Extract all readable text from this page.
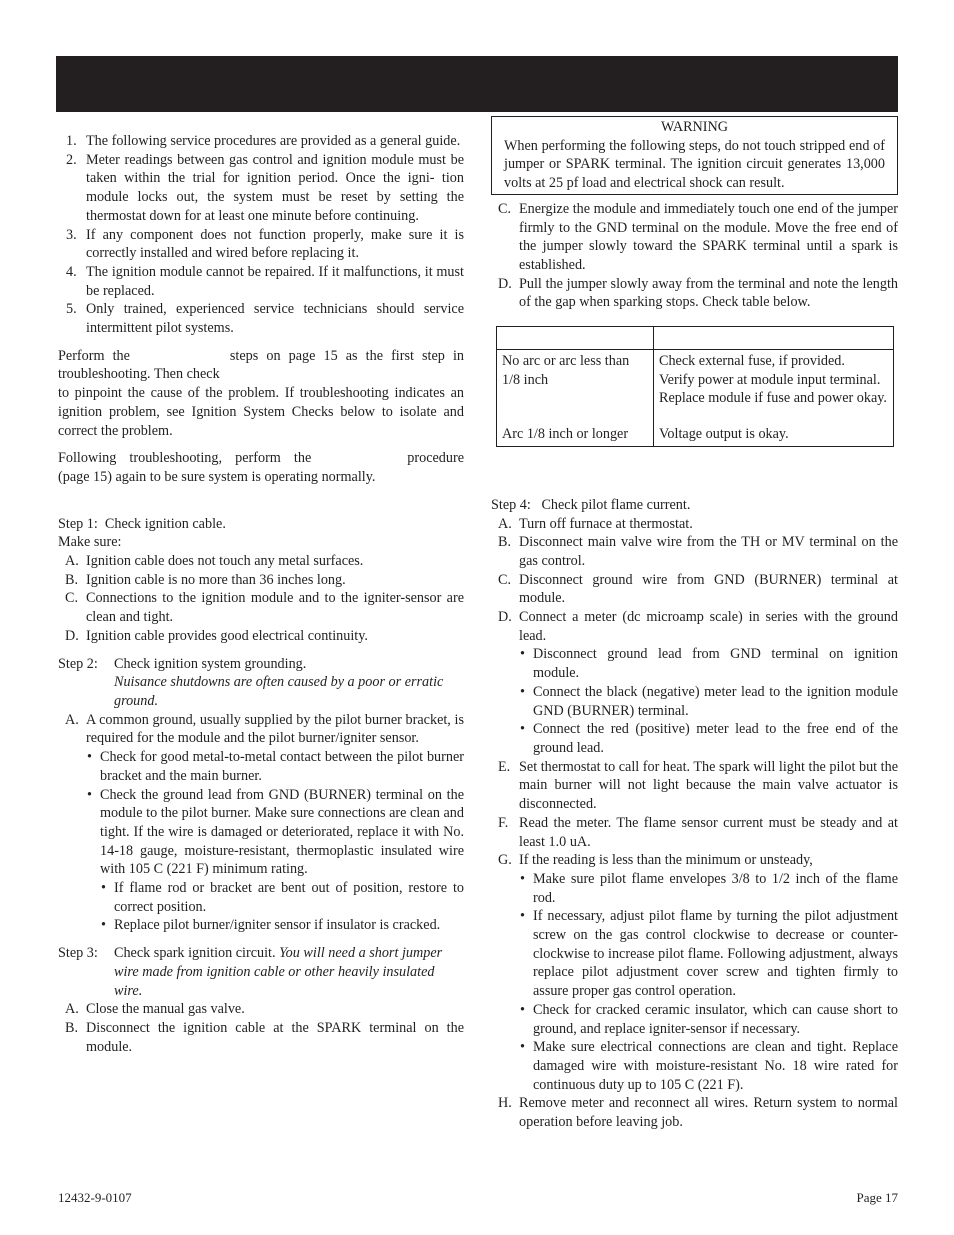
1. The following service procedures are provided as a general guide.
2. Meter readings between gas control and ignition module must be taken within the trial for ignition period. Once the igni- tion module locks out, the system must be reset by setting the thermostat down for at least one minute before continuing.
3. If any component does not function properly, make sure it is correctly installed and wired before replacing it.
4. The ignition module cannot be repaired. If it malfunctions, it must be replaced.
5. Only trained, experienced service technicians should service intermittent pilot systems.

Perform the	steps on page 15 as the first step in troubleshooting. Then check
to pinpoint the cause of the problem. If troubleshooting indicates an ignition problem, see Ignition System Checks below to isolate and correct the problem.

Following troubleshooting, perform the	procedure (page 15) again to be sure system is operating normally.

Step 1: Check ignition cable.
Make sure:
A. Ignition cable does not touch any metal surfaces.
B. Ignition cable is no more than 36 inches long.
C. Connections to the ignition module and to the igniter-sensor are clean and tight.
D. Ignition cable provides good electrical continuity.
Step 2: Check ignition system grounding.
Nuisance shutdowns are often caused by a poor or erratic ground.
A. A common ground, usually supplied by the pilot burner bracket, is required for the module and the pilot burner/igniter sensor.
• Check for good metal-to-metal contact between the pilot burner bracket and the main burner.
• Check the ground lead from GND (BURNER) terminal on the module to the pilot burner. Make sure connections are clean and tight. If the wire is damaged or deteriorated, replace it with No. 14-18 gauge, moisture-resistant, thermoplastic insulated wire with 105 C (221 F) minimum rating.
• If flame rod or bracket are bent out of position, restore to correct position.
• Replace pilot burner/igniter sensor if insulator is cracked.
Step 3: Check spark ignition circuit. You will need a short jumper wire made from ignition cable or other heavily insulated wire.
A. Close the manual gas valve.
B. Disconnect the ignition cable at the SPARK terminal on the module.
WARNING
When performing the following steps, do not touch stripped end of jumper or SPARK terminal. The ignition circuit generates 13,000 volts at 25 pf load and electrical shock can result.
C. Energize the module and immediately touch one end of the jumper firmly to the GND terminal on the module. Move the free end of the jumper slowly toward the SPARK terminal until a spark is established.
D. Pull the jumper slowly away from the terminal and note the length of the gap when sparking stops. Check table below.

No arc or arc less than 1/8 inch	Check external fuse, if provided.
Verify power at module input terminal.
Replace module if fuse and power okay.

Arc 1/8 inch or longer	Voltage output is okay.
Step 4: Check pilot flame current.
A. Turn off furnace at thermostat.
B. Disconnect main valve wire from the TH or MV terminal on the gas control.
C. Disconnect ground wire from GND (BURNER) terminal at module.
D. Connect a meter (dc microamp scale) in series with the ground lead.
• Disconnect ground lead from GND terminal on ignition module.
• Connect the black (negative) meter lead to the ignition module GND (BURNER) terminal.
• Connect the red (positive) meter lead to the free end of the ground lead.
E. Set thermostat to call for heat. The spark will light the pilot but the main burner will not light because the main valve actuator is disconnected.
F. Read the meter. The flame sensor current must be steady and at least 1.0 uA.
G. If the reading is less than the minimum or unsteady,
• Make sure pilot flame envelopes 3/8 to 1/2 inch of the flame rod.
• If necessary, adjust pilot flame by turning the pilot adjustment screw on the gas control clockwise to decrease or counter- clockwise to increase pilot flame. Following adjustment, always replace pilot adjustment cover screw and tighten firmly to assure proper gas control operation.
• Check for cracked ceramic insulator, which can cause short to ground, and replace igniter-sensor if necessary.
• Make sure electrical connections are clean and tight. Replace damaged wire with moisture-resistant No. 18 wire rated for continuous duty up to 105 C (221 F).
H. Remove meter and reconnect all wires. Return system to normal operation before leaving job.
12432-9-0107	Page 17
